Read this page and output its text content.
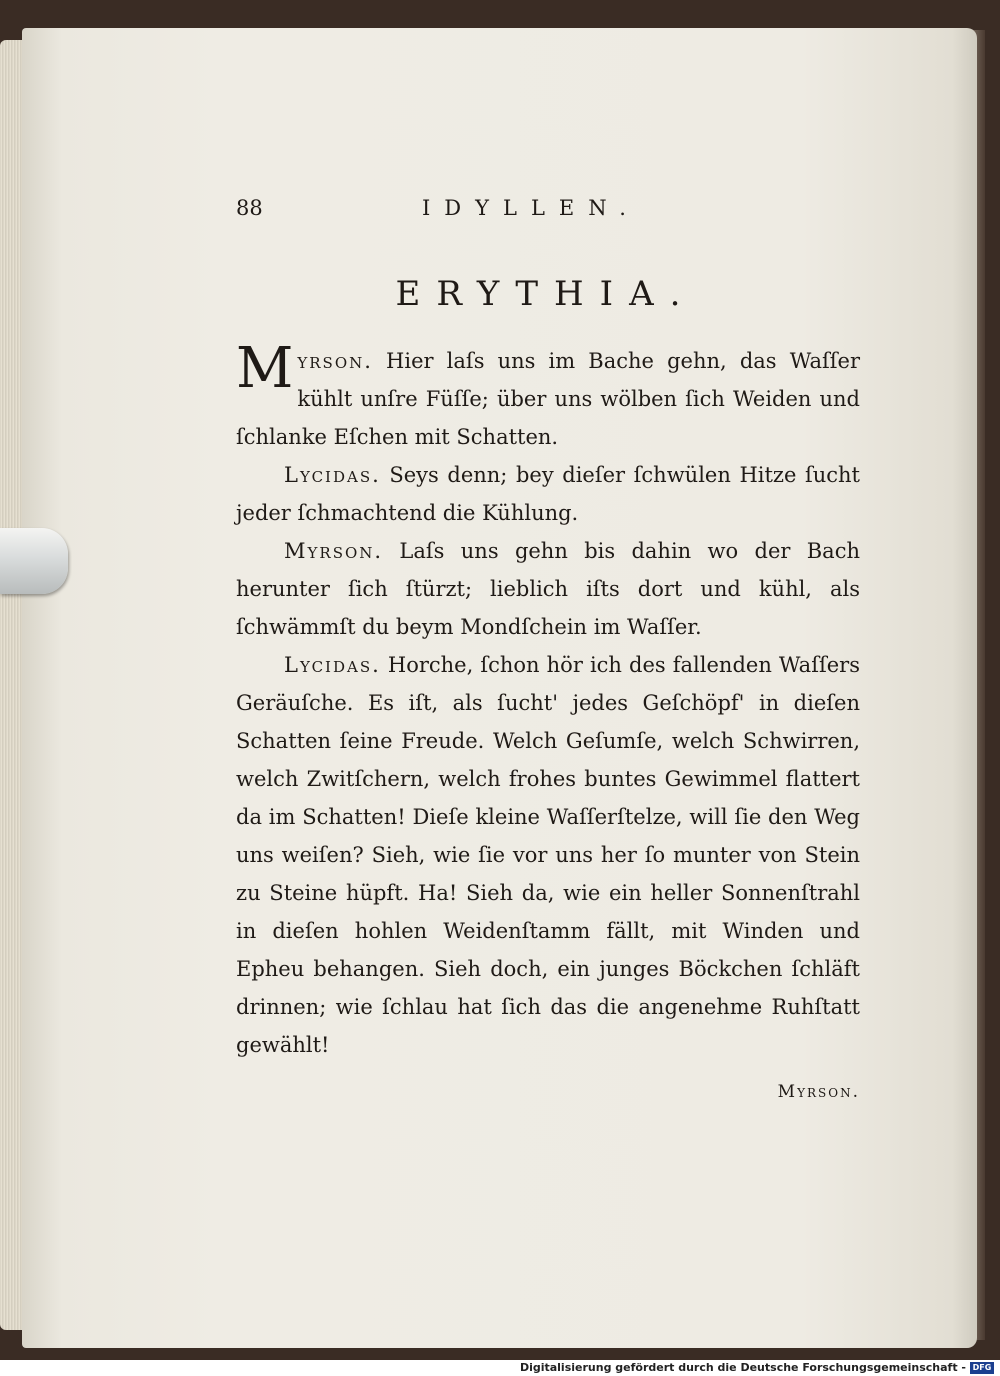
88	IDYLLEN.
ERYTHIA.

Myrson. Hier laſs uns im Bache gehn, das Waſſer kühlt unſre Füſſe; über uns wölben ſich Weiden und ſchlanke Eſchen mit Schatten.

Lycidas. Seys denn; bey dieſer ſchwülen Hitze ſucht jeder ſchmachtend die Kühlung.

Myrson. Laſs uns gehn bis dahin wo der Bach herunter ſich ſtürzt; lieblich iſts dort und kühl, als ſchwämmſt du beym Mondſchein im Waſſer.

Lycidas. Horche, ſchon hör ich des fallenden Waſſers Geräuſche. Es iſt, als ſucht' jedes Geſchöpf' in dieſen Schatten ſeine Freude. Welch Geſumſe, welch Schwirren, welch Zwitſchern, welch frohes buntes Gewimmel flattert da im Schatten! Dieſe kleine Waſſerſtelze, will ſie den Weg uns weiſen? Sieh, wie ſie vor uns her ſo munter von Stein zu Steine hüpft. Ha! Sieh da, wie ein heller Sonnenſtrahl in dieſen hohlen Weidenſtamm fällt, mit Winden und Epheu behangen. Sieh doch, ein junges Böckchen ſchläft drinnen; wie ſchlau hat ſich das die angenehme Ruhſtatt gewählt!

Myrson.
Digitalisierung gefördert durch die Deutsche Forschungsgemeinschaft - DFG
